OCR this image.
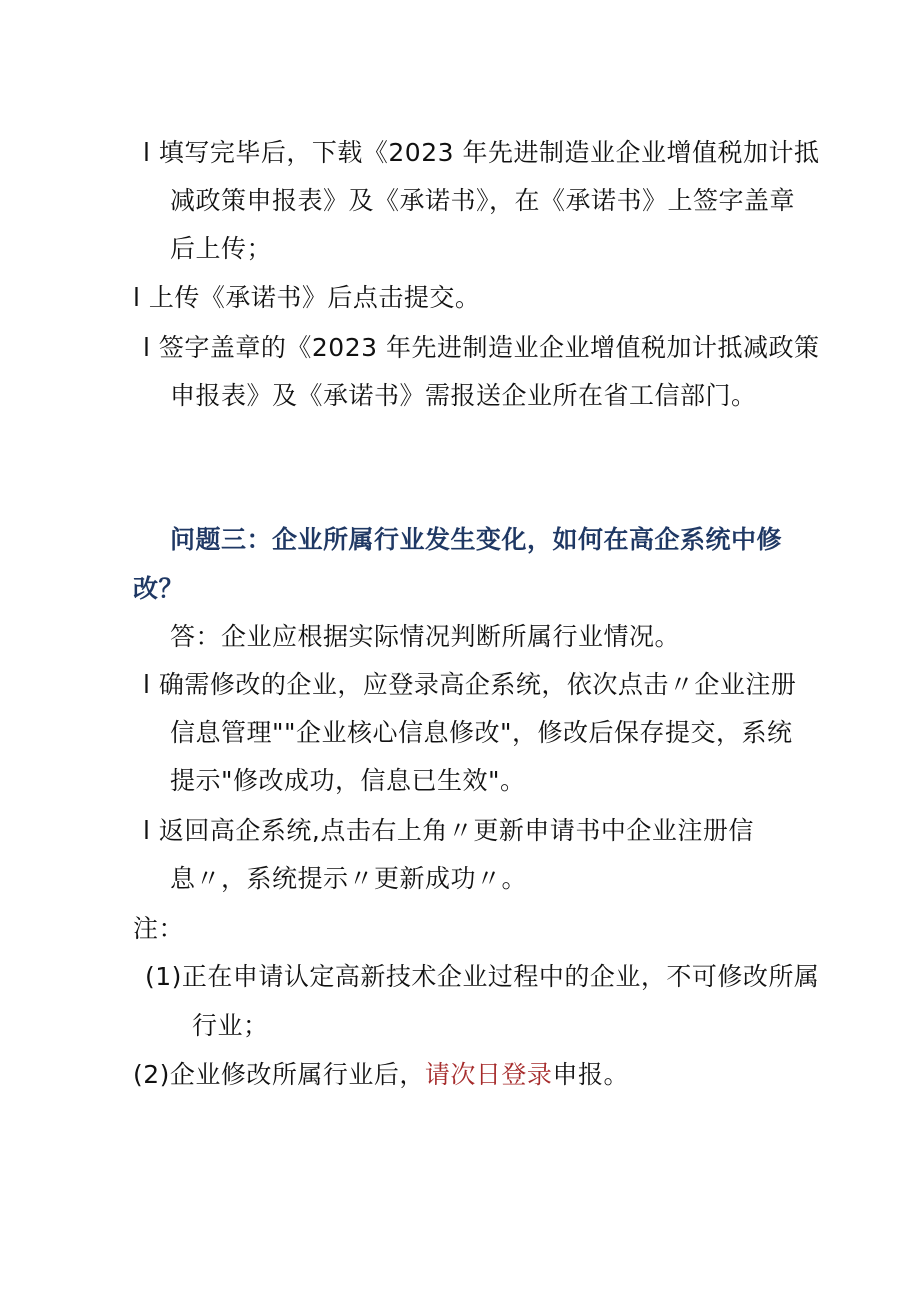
l 填写完毕后，下载《2023 年先进制造业企业增值税加计抵
减政策申报表》及《承诺书》，在《承诺书》上签字盖章
后上传；
l 上传《承诺书》后点击提交。
l 签字盖章的《2023 年先进制造业企业增值税加计抵减政策
申报表》及《承诺书》需报送企业所在省工信部门。
问题三：企业所属行业发生变化，如何在高企系统中修
改？
答：企业应根据实际情况判断所属行业情况。
l 确需修改的企业，应登录高企系统，依次点击〃企业注册
信息管理""企业核心信息修改"，修改后保存提交，系统
提示"修改成功，信息已生效"。
l 返回高企系统,点击右上角〃更新申请书中企业注册信
息〃，系统提示〃更新成功〃。
注：
(1)正在申请认定高新技术企业过程中的企业，不可修改所属
行业；
(2)企业修改所属行业后，请次日登录申报。
